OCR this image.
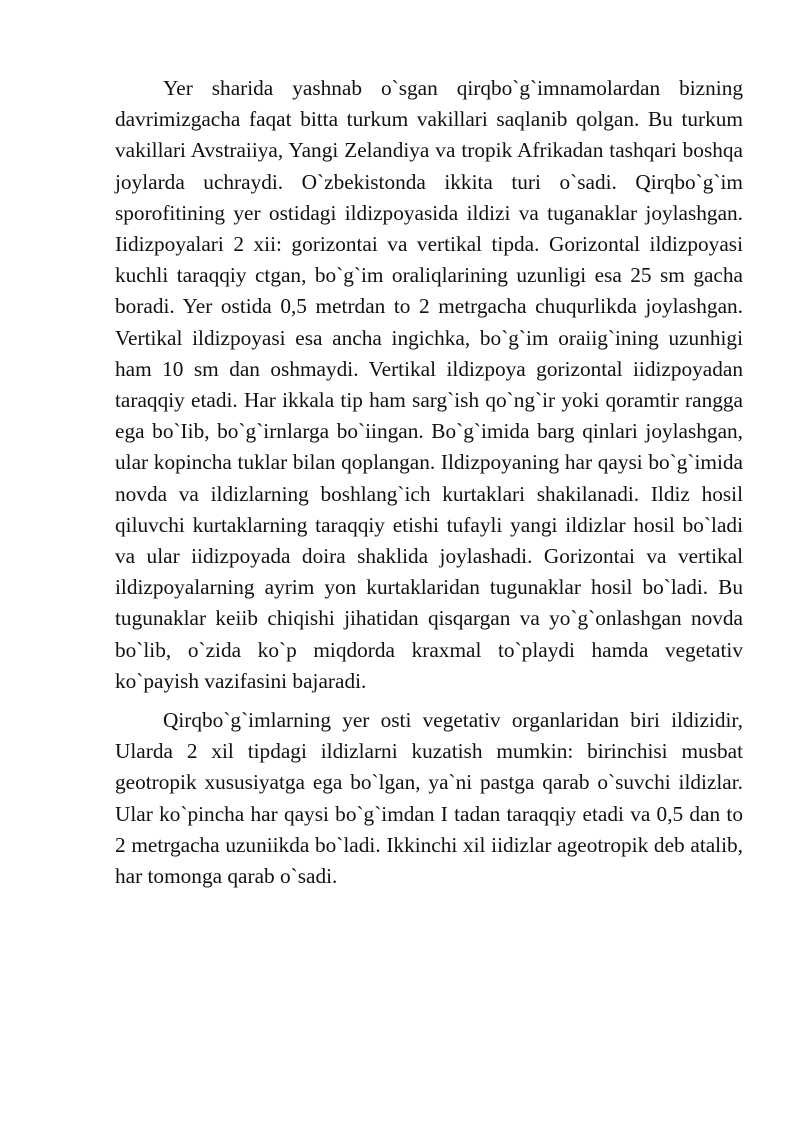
Yer sharida yashnab o`sgan qirqbo`g`imnamolardan bizning davrimizgacha faqat bitta turkum vakillari saqlanib qolgan. Bu turkum vakillari Avstraiiya, Yangi Zelandiya va tropik Afrikadan tashqari boshqa joylarda uchraydi. O`zbekistonda ikkita turi o`sadi. Qirqbo`g`im sporofitining yer ostidagi ildizpoyasida ildizi va tuganaklar joylashgan. Iidizpoyalari 2 xii: gorizontai va vertikal tipda. Gorizontal ildizpoyasi kuchli taraqqiy ctgan, bo`g`im oraliqlarining uzunligi esa 25 sm gacha boradi. Yer ostida 0,5 metrdan to 2 metrgacha chuqurlikda joylashgan. Vertikal ildizpoyasi esa ancha ingichka, bo`g`im oraiig`ining uzunhigi ham 10 sm dan oshmaydi. Vertikal ildizpoya gorizontal iidizpoyadan taraqqiy etadi. Har ikkala tip ham sarg`ish qo`ng`ir yoki qoramtir rangga ega bo`Iib, bo`g`irnlarga bo`iingan. Bo`g`imida barg qinlari joylashgan, ular kopincha tuklar bilan qoplangan. Ildizpoyaning har qaysi bo`g`imida novda va ildizlarning boshlang`ich kurtaklari shakilanadi. Ildiz hosil qiluvchi kurtaklarning taraqqiy etishi tufayli yangi ildizlar hosil bo`ladi va ular iidizpoyada doira shaklida joylashadi. Gorizontai va vertikal ildizpoyalarning ayrim yon kurtaklaridan tugunaklar hosil bo`ladi. Bu tugunaklar keiib chiqishi jihatidan qisqargan va yo`g`onlashgan novda bo`lib, o`zida ko`p miqdorda kraxmal to`playdi hamda vegetativ ko`payish vazifasini bajaradi.

Qirqbo`g`imlarning yer osti vegetativ organlaridan biri ildizidir, Ularda 2 xil tipdagi ildizlarni kuzatish mumkin: birinchisi musbat geotropik xususiyatga ega bo`lgan, ya`ni pastga qarab o`suvchi ildizlar. Ular ko`pincha har qaysi bo`g`imdan I tadan taraqqiy etadi va 0,5 dan to 2 metrgacha uzuniikda bo`ladi. Ikkinchi xil iidizlar ageotropik deb atalib, har tomonga qarab o`sadi.
